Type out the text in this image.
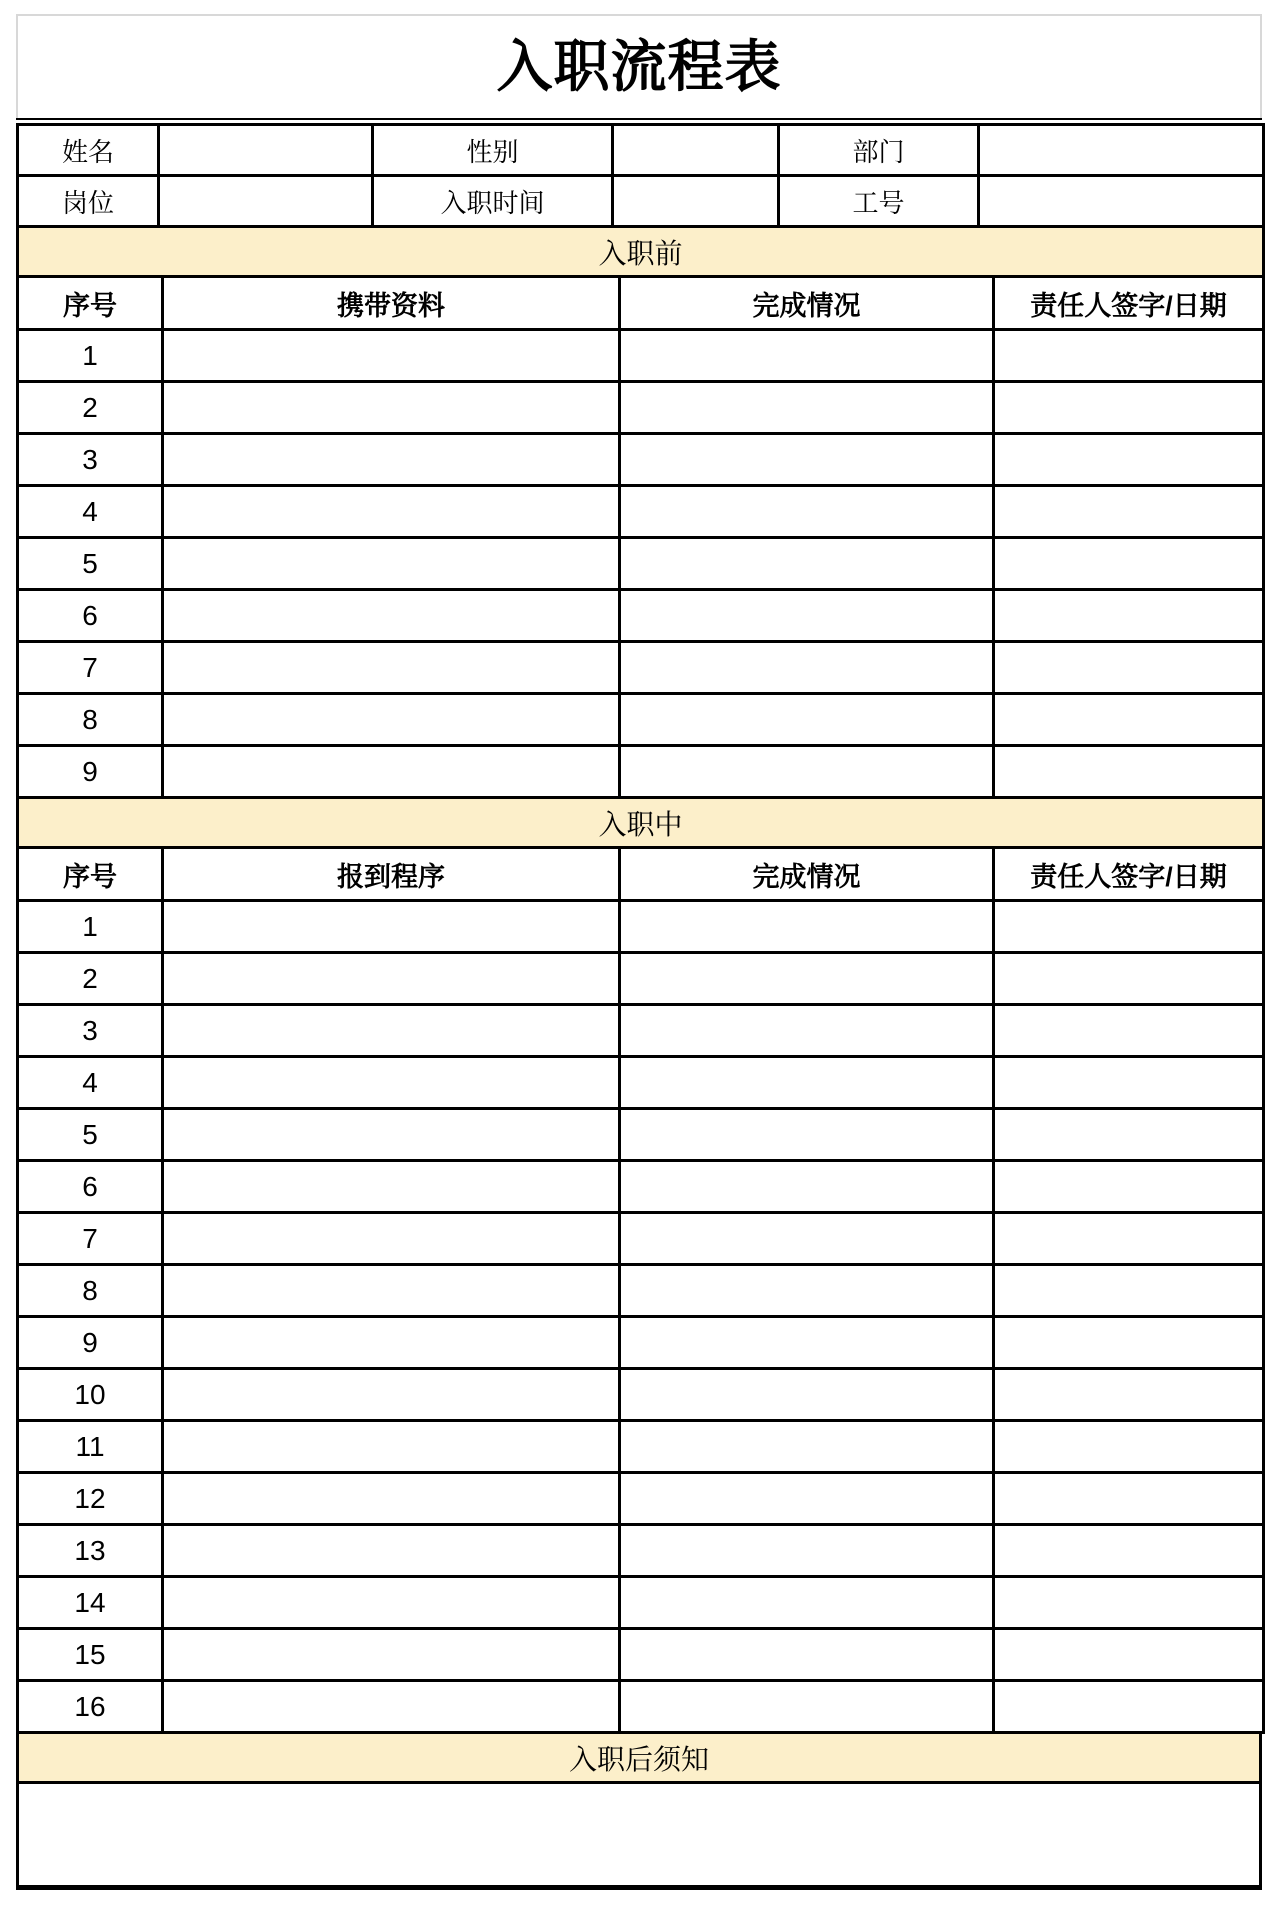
入职流程表
姓名		性别		部门	
岗位		入职时间		工号	
入职前			
序号	携带资料	完成情况	责任人签字/日期
1			
2			
3			
4			
5			
6			
7			
8			
9			
入职中			
序号	报到程序	完成情况	责任人签字/日期
1			
2			
3			
4			
5			
6			
7			
8			
9			
10			
11			
12			
13			
14			
15			
16			
入职后须知
